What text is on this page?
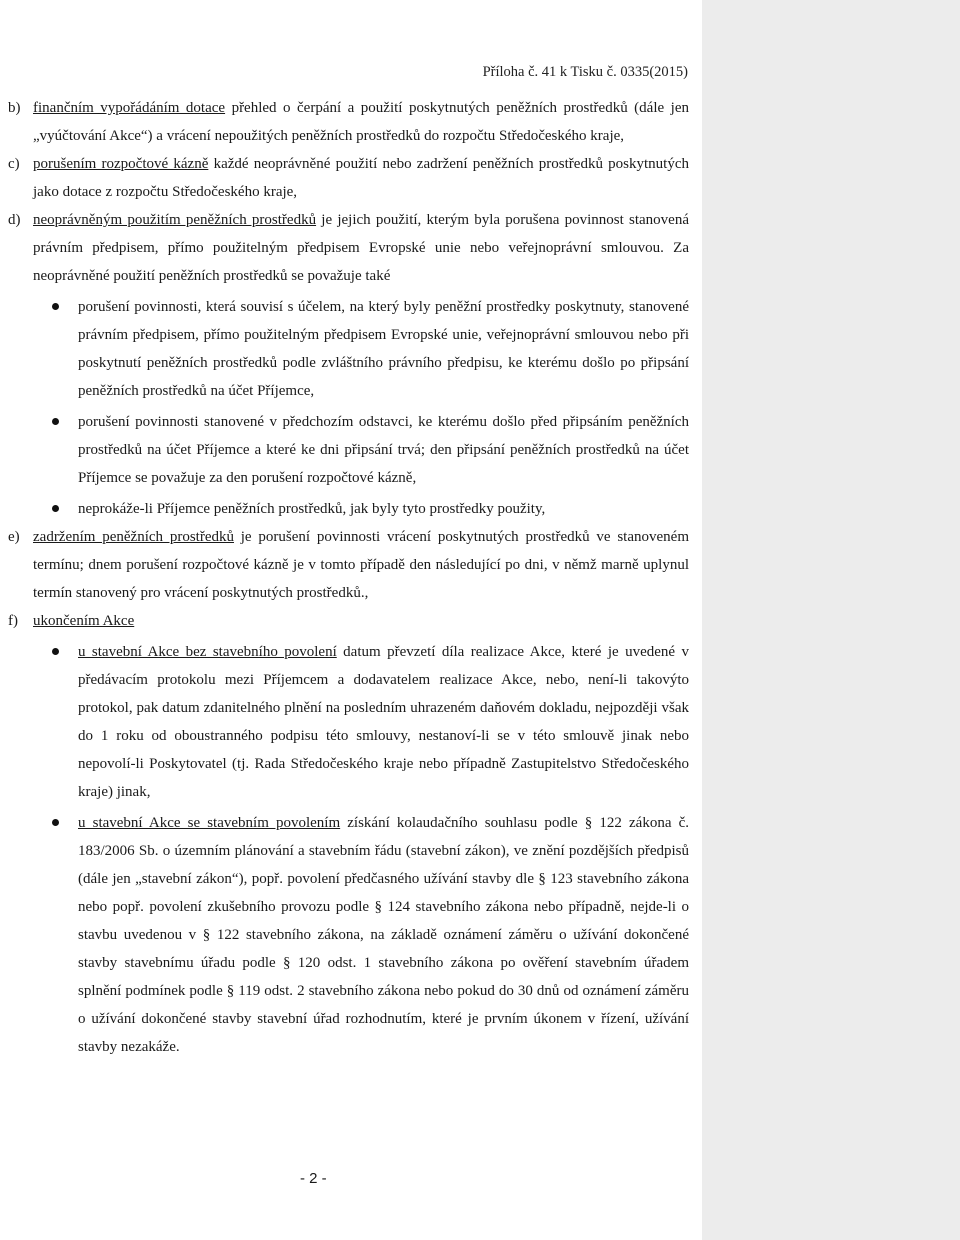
Příloha č. 41 k Tisku č. 0335(2015)
b) finančním vypořádáním dotace přehled o čerpání a použití poskytnutých peněžních prostředků (dále jen „vyúčtování Akce“) a vrácení nepoužitých peněžních prostředků do rozpočtu Středočeského kraje,

c) porušením rozpočtové kázně každé neoprávněné použití nebo zadržení peněžních prostředků poskytnutých jako dotace z rozpočtu Středočeského kraje,

d) neoprávněným použitím peněžních prostředků je jejich použití, kterým byla porušena povinnost stanovená právním předpisem, přímo použitelným předpisem Evropské unie nebo veřejnoprávní smlouvou. Za neoprávněné použití peněžních prostředků se považuje také

porušení povinnosti, která souvisí s účelem, na který byly peněžní prostředky poskytnuty, stanovené právním předpisem, přímo použitelným předpisem Evropské unie, veřejnoprávní smlouvou nebo při poskytnutí peněžních prostředků podle zvláštního právního předpisu, ke kterému došlo po připsání peněžních prostředků na účet Příjemce,
porušení povinnosti stanovené v předchozím odstavci, ke kterému došlo před připsáním peněžních prostředků na účet Příjemce a které ke dni připsání trvá; den připsání peněžních prostředků na účet Příjemce se považuje za den porušení rozpočtové kázně,
neprokáže-li Příjemce peněžních prostředků, jak byly tyto prostředky použity,
e) zadržením peněžních prostředků je porušení povinnosti vrácení poskytnutých prostředků ve stanoveném termínu; dnem porušení rozpočtové kázně je v tomto případě den následující po dni, v němž marně uplynul termín stanovený pro vrácení poskytnutých prostředků.,

f) ukončením Akce

u stavební Akce bez stavebního povolení datum převzetí díla realizace Akce, které je uvedené v předávacím protokolu mezi Příjemcem a dodavatelem realizace Akce, nebo, není-li takovýto protokol, pak datum zdanitelného plnění na posledním uhrazeném daňovém dokladu, nejpozději však do 1 roku od oboustranného podpisu této smlouvy, nestanoví-li se v této smlouvě jinak nebo nepovolí-li Poskytovatel (tj. Rada Středočeského kraje nebo případně Zastupitelstvo Středočeského kraje) jinak,
u stavební Akce se stavebním povolením získání kolaudačního souhlasu podle § 122 zákona č. 183/2006 Sb. o územním plánování a stavebním řádu (stavební zákon), ve znění pozdějších předpisů (dále jen „stavební zákon“), popř. povolení předčasného užívání stavby dle § 123 stavebního zákona nebo popř. povolení zkušebního provozu podle § 124 stavebního zákona nebo případně, nejde-li o stavbu uvedenou v § 122 stavebního zákona, na základě oznámení záměru o užívání dokončené stavby stavebnímu úřadu podle § 120 odst. 1 stavebního zákona po ověření stavebním úřadem splnění podmínek podle § 119 odst. 2 stavebního zákona nebo pokud do 30 dnů od oznámení záměru o užívání dokončené stavby stavební úřad rozhodnutím, které je prvním úkonem v řízení, užívání stavby nezakáže.
- 2 -
